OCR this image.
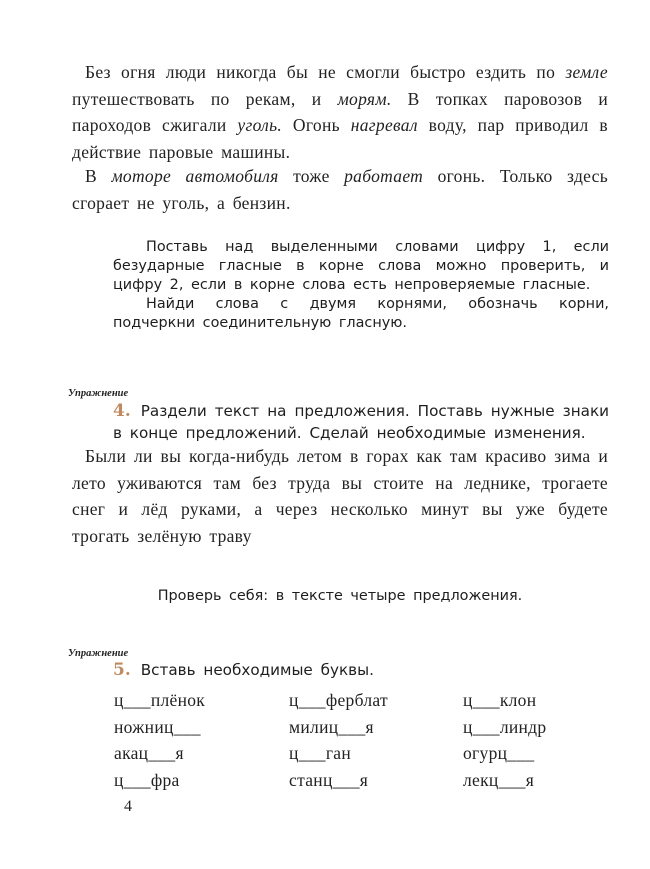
Без огня люди никогда бы не смогли быстро ездить по земле путешествовать по рекам, и морям. В топках паровозов и пароходов сжигали уголь. Огонь нагревал воду, пар приводил в действие паровые машины.
В моторе автомобиля тоже работает огонь. Только здесь сгорает не уголь, а бензин.
Поставь над выделенными словами цифру 1, если безударные гласные в корне слова можно проверить, и цифру 2, если в корне слова есть непроверяемые гласные.
Найди слова с двумя корнями, обозначь корни, подчеркни соединительную гласную.
Упражнение
4. Раздели текст на предложения. Поставь нужные знаки в конце предложений. Сделай необходимые изменения.
Были ли вы когда-нибудь летом в горах как там красиво зима и лето уживаются там без труда вы стоите на леднике, трогаете снег и лёд руками, а через несколько минут вы уже будете трогать зелёную траву
Проверь себя: в тексте четыре предложения.
Упражнение
5. Вставь необходимые буквы.
ц___плёнок	ц___ферблат	ц___клон
ножниц___	милиц___я	ц___линдр
акац___я	ц___ган	огурц___
ц___фра	станц___я	лекц___я
4
